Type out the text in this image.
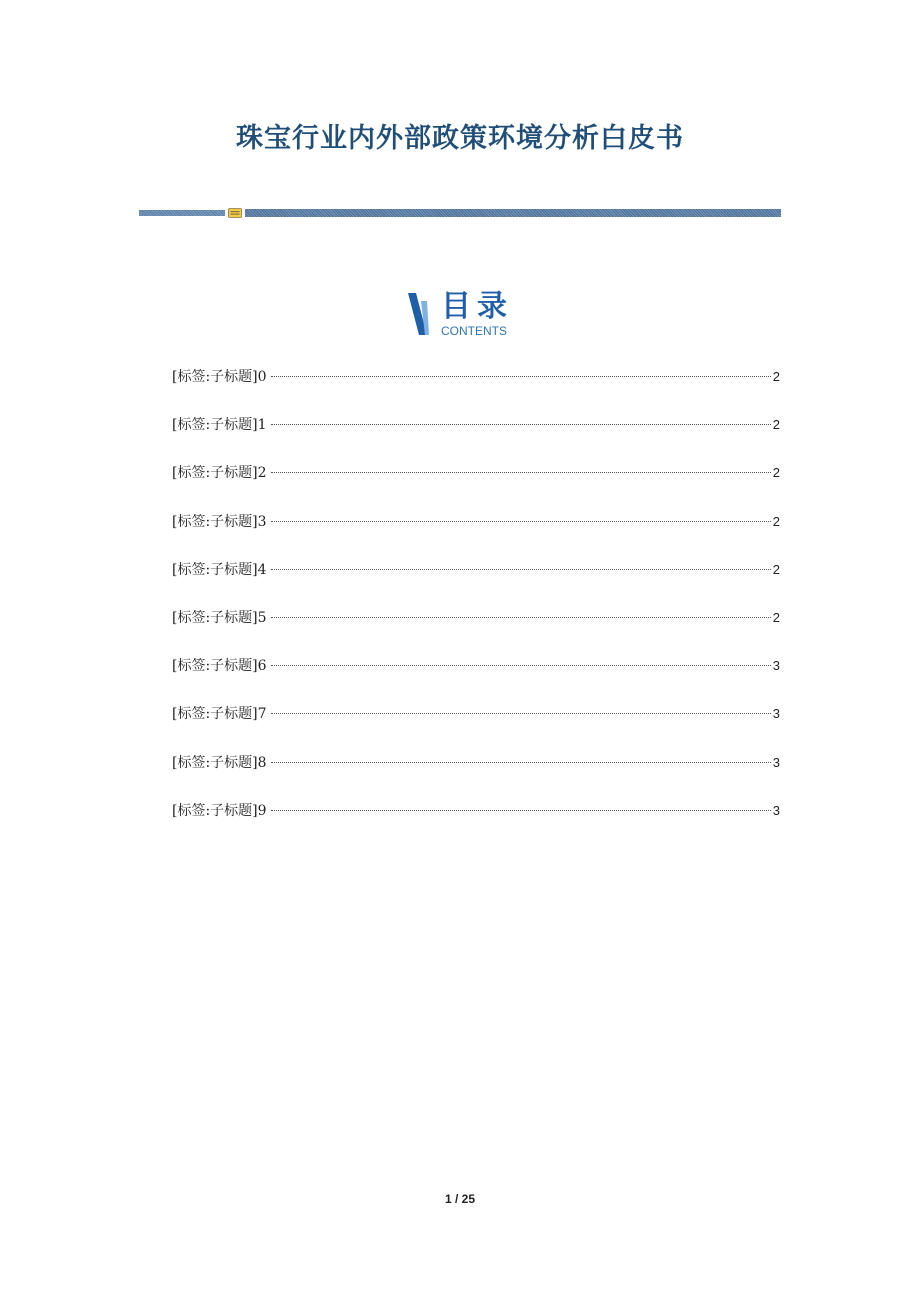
珠宝行业内外部政策环境分析白皮书
目录
CONTENTS
[标签:子标题]0	2
[标签:子标题]1	2
[标签:子标题]2	2
[标签:子标题]3	2
[标签:子标题]4	2
[标签:子标题]5	2
[标签:子标题]6	3
[标签:子标题]7	3
[标签:子标题]8	3
[标签:子标题]9	3
1 / 25
